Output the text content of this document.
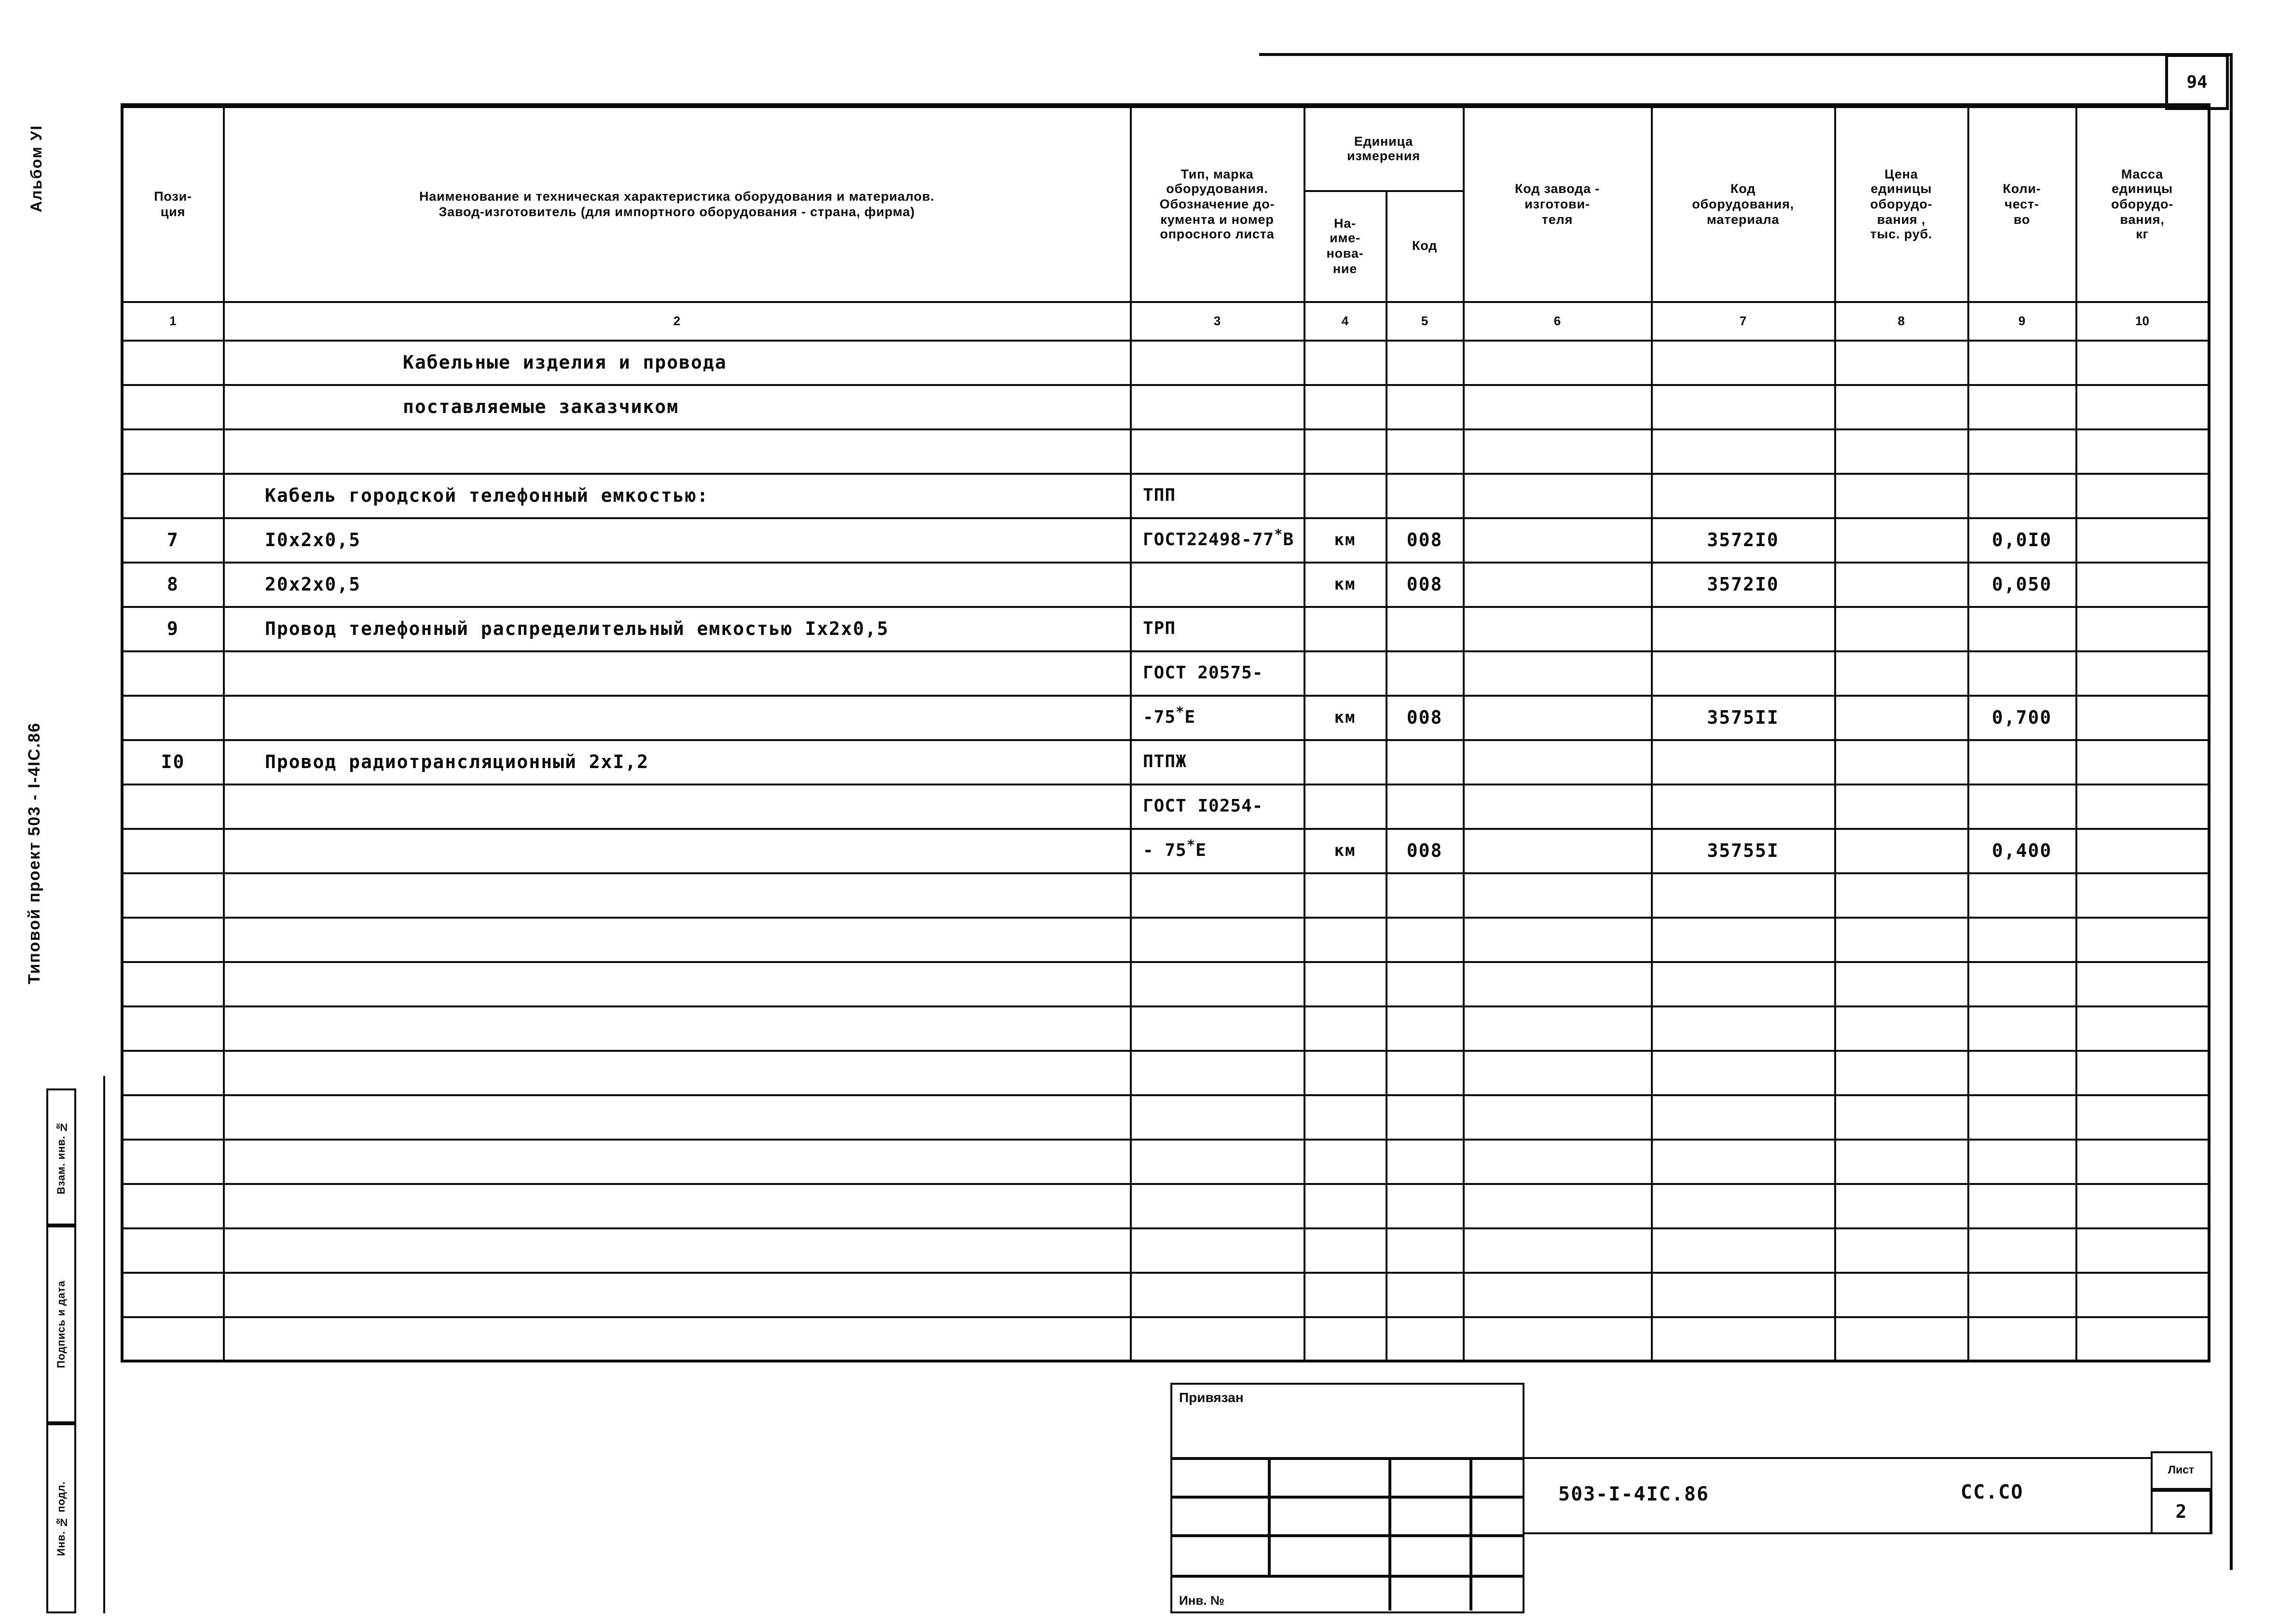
94
Альбом УI
Типовой проект 503 - I-4IС.86
Взам. инв. №
Подпись и дата
Инв. № подл.
Пози-
ция

Наименование и техническая характеристика оборудования и материалов.
Завод-изготовитель (для импортного оборудования - страна, фирма)

Тип, марка
оборудования.
Обозначение до-
кумента и номер
опросного листа

Единица
измерения

Код завода -
изготови-
теля

Код
оборудования,
материала

Цена
единицы
оборудо-
вания ,
тыс. руб.

Коли-
чест-
во

Масса
единицы
оборудо-
вания,
кг

			На-
име-
нова-
ние	Код					

1	2	3	4	5	6	7	8	9	10
	Кабельные изделия и провода								
	поставляемые заказчиком								

	Кабель городской телефонный емкостью:	ТПП							
7	I0х2х0,5	ГОСТ22498-77*В	км	008		3572I0		0,0I0	
8	20х2х0,5		км	008		3572I0		0,050	
9	Провод телефонный распределительный емкостью Iх2х0,5	ТРП							
		ГОСТ 20575-							
		-75*Е	км	008		3575II		0,700	
I0	Провод радиотрансляционный 2хI,2	ПТПЖ							
		ГОСТ I0254-							
		- 75*Е	км	008		35755I		0,400	

Привязан
Инв. №
503-I-4IС.86	СС.СО
Лист
2
